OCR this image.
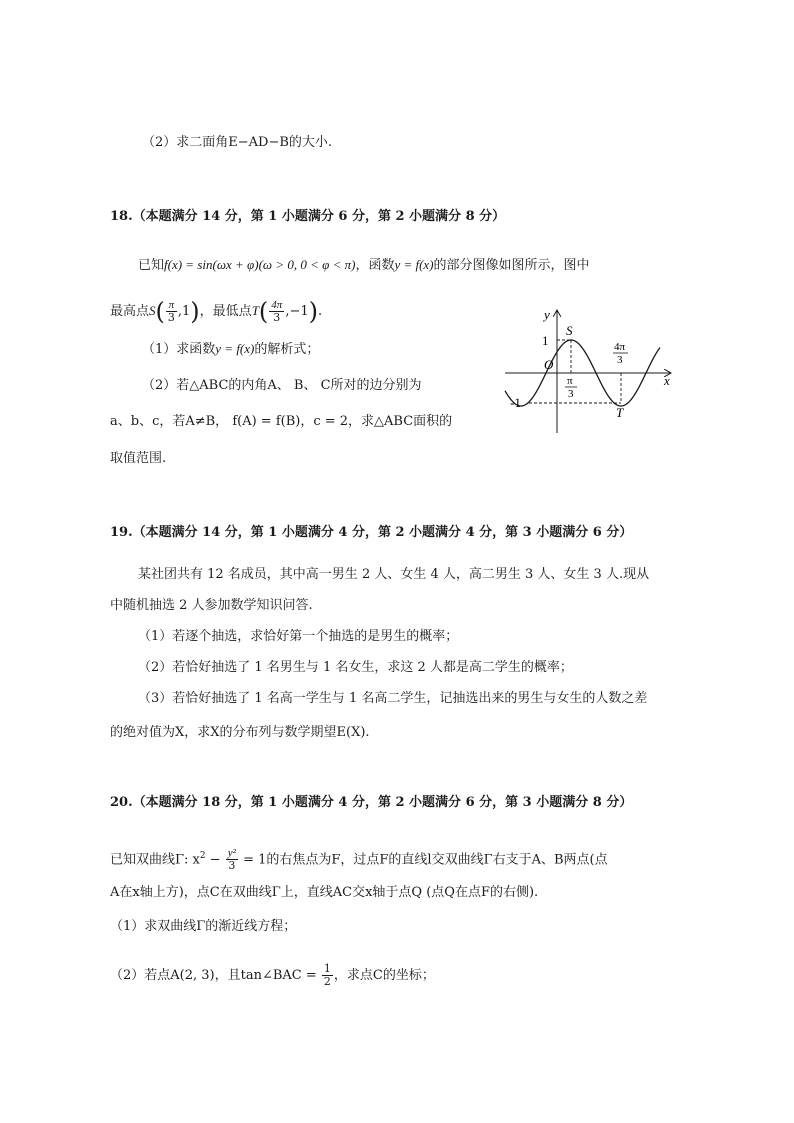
（2）求二面角E−AD−B的大小.
18.（本题满分 14 分，第 1 小题满分 6 分，第 2 小题满分 8 分）
已知f(x) = sin(ωx + φ)(ω > 0, 0 < φ < π)，函数y = f(x)的部分图像如图所示，图中
最高点$S( \frac{\pi}{3} ,1)$，最低点$T( \frac{4\pi}{3} ,-1)$.
（1）求函数y = f(x)的解析式；
（2）若△ABC的内角A、 B、 C所对的边分别为
a、b、c，若A≠B， f(A) = f(B)，c = 2，求△ABC面积的
取值范围.
y
x
O
1
-1
S
T
π
3
4π
3
19.（本题满分 14 分，第 1 小题满分 4 分，第 2 小题满分 4 分，第 3 小题满分 6 分）
某社团共有 12 名成员，其中高一男生 2 人、女生 4 人，高二男生 3 人、女生 3 人.现从
中随机抽选 2 人参加数学知识问答.
（1）若逐个抽选，求恰好第一个抽选的是男生的概率；
（2）若恰好抽选了 1 名男生与 1 名女生，求这 2 人都是高二学生的概率；
（3）若恰好抽选了 1 名高一学生与 1 名高二学生，记抽选出来的男生与女生的人数之差
的绝对值为X，求X的分布列与数学期望E(X).
20.（本题满分 18 分，第 1 小题满分 4 分，第 2 小题满分 6 分，第 3 小题满分 8 分）
已知双曲线Γ: $x^2 - \frac{\text{y²}}{3} = 1$的右焦点为F，过点F的直线l交双曲线Γ右支于A、B两点(点
A在x轴上方)，点C在双曲线Γ上，直线AC交x轴于点Q (点Q在点F的右侧).
（1）求双曲线Γ的渐近线方程；
（2）若点A(2, 3)，且tan∠BAC = $\frac{1}{2}$ ，求点C的坐标；
